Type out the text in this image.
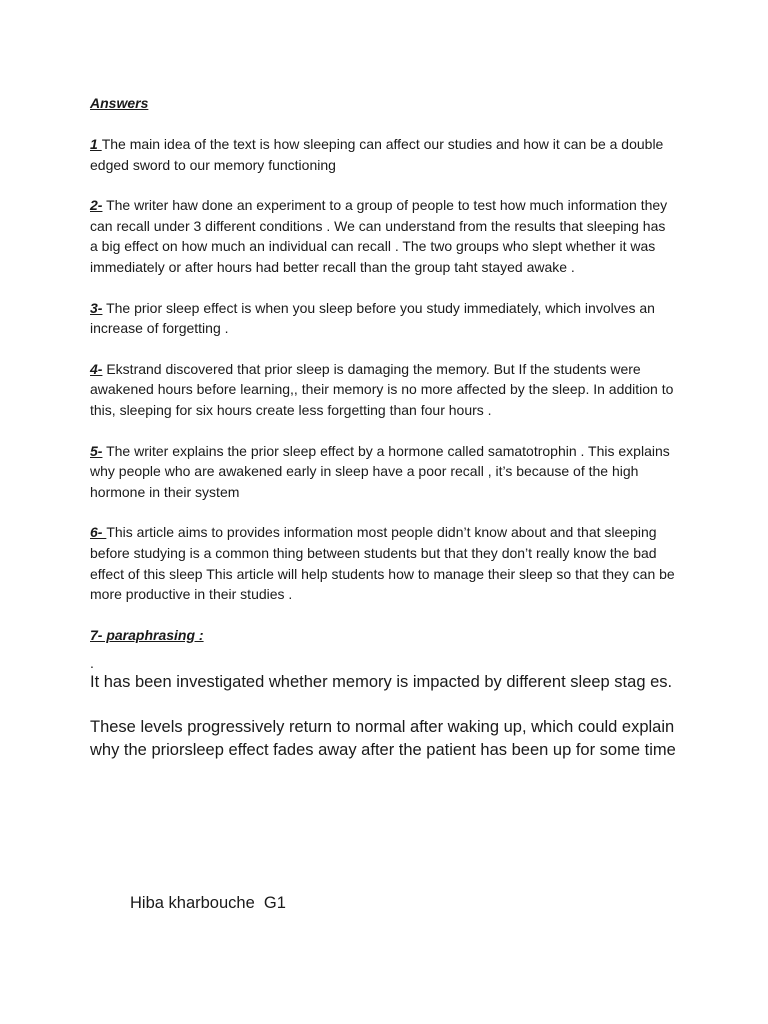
Answers
1 The main idea of the text is how sleeping can affect our studies and how it can be a double edged sword to our memory functioning
2- The writer haw done an experiment to a group of people to test how much information they can recall under 3 different conditions . We can understand from the results that sleeping has a big effect on how much an individual can recall . The two groups who slept whether it was immediately or after hours had better recall than the group taht stayed awake .
3- The prior sleep effect is when you sleep before you study immediately, which involves an increase of forgetting .
4- Ekstrand discovered that prior sleep is damaging the memory. But If the students were awakened hours before learning,, their memory is no more affected by the sleep. In addition to this, sleeping for six hours create less forgetting than four hours .
5- The writer explains the prior sleep effect by a hormone called samatotrophin . This explains why people who are awakened early in sleep have a poor recall , it’s because of the high hormone in their system
6- This article aims to provides information most people didn’t know about and that sleeping before studying is a common thing between students but that they don’t really know the bad effect of this sleep This article will help students how to manage their sleep so that they can be more productive in their studies .
7- paraphrasing :
.
It has been investigated whether memory is impacted by different sleep stag es.
These levels progressively return to normal after waking up, which could explain why the priorsleep effect fades away after the patient has been up for some time
Hiba kharbouche  G1
